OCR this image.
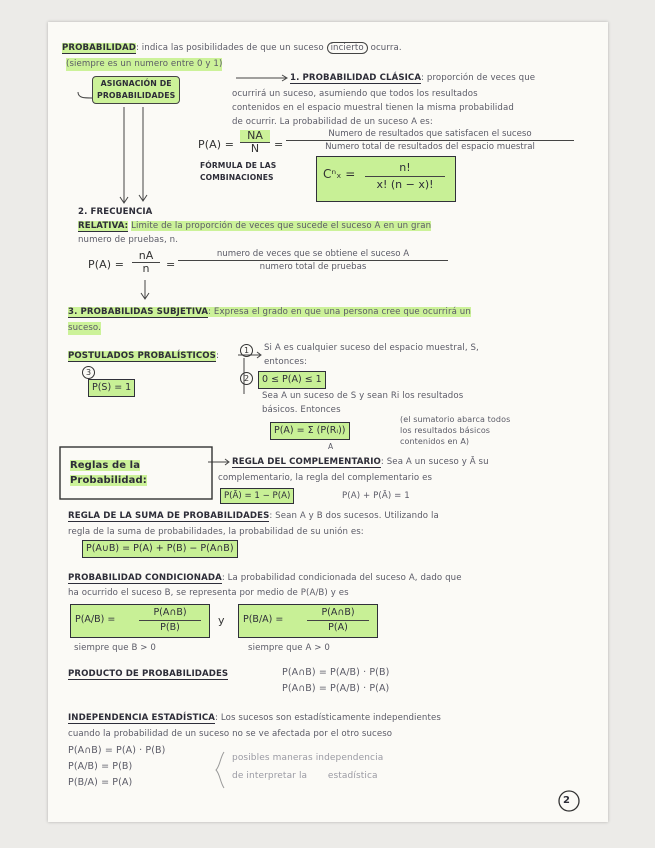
PROBABILIDAD: indica las posibilidades de que un suceso incierto ocurra.
(siempre es un numero entre 0 y 1)
ASIGNACIÓN DE
PROBABILIDADES
1. PROBABILIDAD CLÁSICA: proporción de veces que
ocurrirá un suceso, asumiendo que todos los resultados
contenidos en el espacio muestral tienen la misma probabilidad
de ocurrir. La probabilidad de un suceso A es:
$P(A) = \frac{NA}{N}$ =
Numero de resultados que satisfacen el suceso
Numero total de resultados del espacio muestral
FÓRMULA DE LAS
COMBINACIONES	$C^n_x = \frac{n!}{x! (n - x)!}$
2. FRECUENCIA
RELATIVA: Limite de la proporción de veces que sucede el suceso A en un gran
numero de pruebas, n.
$P(A) = \frac{nA}{n}$ =
numero de veces que se obtiene el suceso A
numero total de pruebas
3. PROBABILIDAS SUBJETIVA: Expresa el grado en que una persona cree que ocurrirá un
suceso.
POSTULADOS PROBALÍSTICOS:
1
2
3
Si A es cualquier suceso del espacio muestral, S,
entonces:
0 ≤ P(A) ≤ 1
P(S) = 1
Sea A un suceso de S y sean Ri los resultados
básicos. Entonces
P(A) = Σ (P(Rᵢ))
A
(el sumatorio abarca todos
los resultados básicos
contenidos en A)
Reglas de la
Probabilidad:
REGLA DEL COMPLEMENTARIO: Sea A un suceso y Ā su
complementario, la regla del complementario es
P(Ā) = 1 − P(A)	P(A) + P(Ā) = 1
REGLA DE LA SUMA DE PROBABILIDADES: Sean A y B dos sucesos. Utilizando la
regla de la suma de probabilidades, la probabilidad de su unión es:
P(A∪B) = P(A) + P(B) − P(A∩B)
PROBABILIDAD CONDICIONADA: La probabilidad condicionada del suceso A, dado que
ha ocurrido el suceso B, se representa por medio de P(A/B) y es
$P(A/B) = \frac{P(A\cap B)}{P(B)}$ y $P(B/A) = \frac{P(A\cap B)}{P(A)}$
siempre que B > 0	siempre que A > 0
PRODUCTO DE PROBABILIDADES	P(A∩B) = P(A/B) · P(B)
P(A∩B) = P(A/B) · P(A)
INDEPENDENCIA ESTADÍSTICA: Los sucesos son estadísticamente independientes
cuando la probabilidad de un suceso no se ve afectada por el otro suceso
P(A∩B) = P(A) · P(B)
P(A/B) = P(B)
P(B/A) = P(A)
posibles maneras independencia
de interpretar la       estadística
2
